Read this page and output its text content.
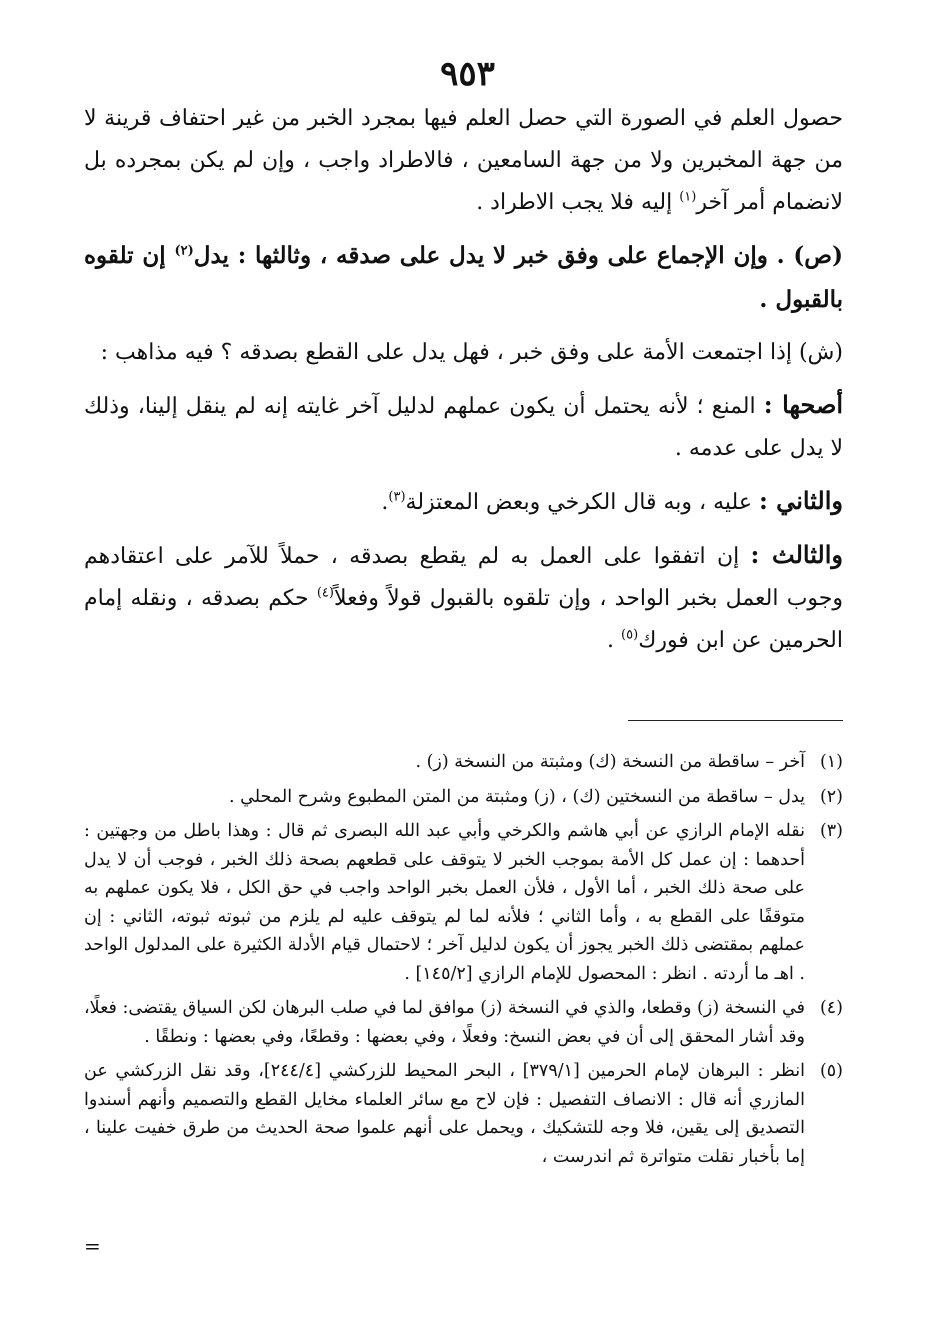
٩٥٣

حصول العلم في الصورة التي حصل العلم فيها بمجرد الخبر من غير احتفاف قرينة لا من جهة المخبرين ولا من جهة السامعين ، فالاطراد واجب ، وإن لم يكن بمجرده بل لانضمام أمر آخر$^{(١)}$ إليه فلا يجب الاطراد .

(ص) . وإن الإجماع على وفق خبر لا يدل على صدقه ، وثالثها : يدل$^{(٢)}$ إن تلقوه بالقبول .

(ش) إذا اجتمعت الأمة على وفق خبر ، فهل يدل على القطع بصدقه ؟ فيه مذاهب :

أصحها : المنع ؛ لأنه يحتمل أن يكون عملهم لدليل آخر غايته إنه لم ينقل إلينا، وذلك لا يدل على عدمه .

والثاني : عليه ، وبه قال الكرخي وبعض المعتزلة$^{(٣)}$.

والثالث : إن اتفقوا على العمل به لم يقطع بصدقه ، حملاً للآمر على اعتقادهم وجوب العمل بخبر الواحد ، وإن تلقوه بالقبول قولاً وفعلاً$^{(٤)}$ حكم بصدقه ، ونقله إمام الحرمين عن ابن فورك$^{(٥)}$ .

(١)
آخر – ساقطة من النسخة (ك) ومثبتة من النسخة (ز) .
(٢)
يدل – ساقطة من النسختين (ك) ، (ز) ومثبتة من المتن المطبوع وشرح المحلي .
(٣)
نقله الإمام الرازي عن أبي هاشم والكرخي وأبي عبد الله البصرى ثم قال : وهذا باطل من وجهتين : أحدهما : إن عمل كل الأمة بموجب الخبر لا يتوقف على قطعهم بصحة ذلك الخبر ، فوجب أن لا يدل على صحة ذلك الخبر ، أما الأول ، فلأن العمل بخبر الواحد واجب في حق الكل ، فلا يكون عملهم به متوقفًا على القطع به ، وأما الثاني ؛ فلأنه لما لم يتوقف عليه لم يلزم من ثبوته ثبوته، الثاني : إن عملهم بمقتضى ذلك الخبر يجوز أن يكون لدليل آخر ؛ لاحتمال قيام الأدلة الكثيرة على المدلول الواحد . اهـ ما أردته . انظر : المحصول للإمام الرازي [١٤٥/٢] .
(٤)
في النسخة (ز) وقطعا، والذي في النسخة (ز) موافق لما في صلب البرهان لكن السياق يقتضى: فعلًا، وقد أشار المحقق إلى أن في بعض النسخ: وفعلًا ، وفي بعضها : وقطعًا، وفي بعضها : ونطقًا .
(٥)
انظر : البرهان لإمام الحرمين [٣٧٩/١] ، البحر المحيط للزركشي [٢٤٤/٤]، وقد نقل الزركشي عن المازري أنه قال : الانصاف التفصيل : فإن لاح مع سائر العلماء مخايل القطع والتصميم وأنهم أسندوا التصديق إلى يقين، فلا وجه للتشكيك ، ويحمل على أنهم علموا صحة الحديث من طرق خفيت علينا ، إما بأخبار نقلت متواترة ثم اندرست ،
=
